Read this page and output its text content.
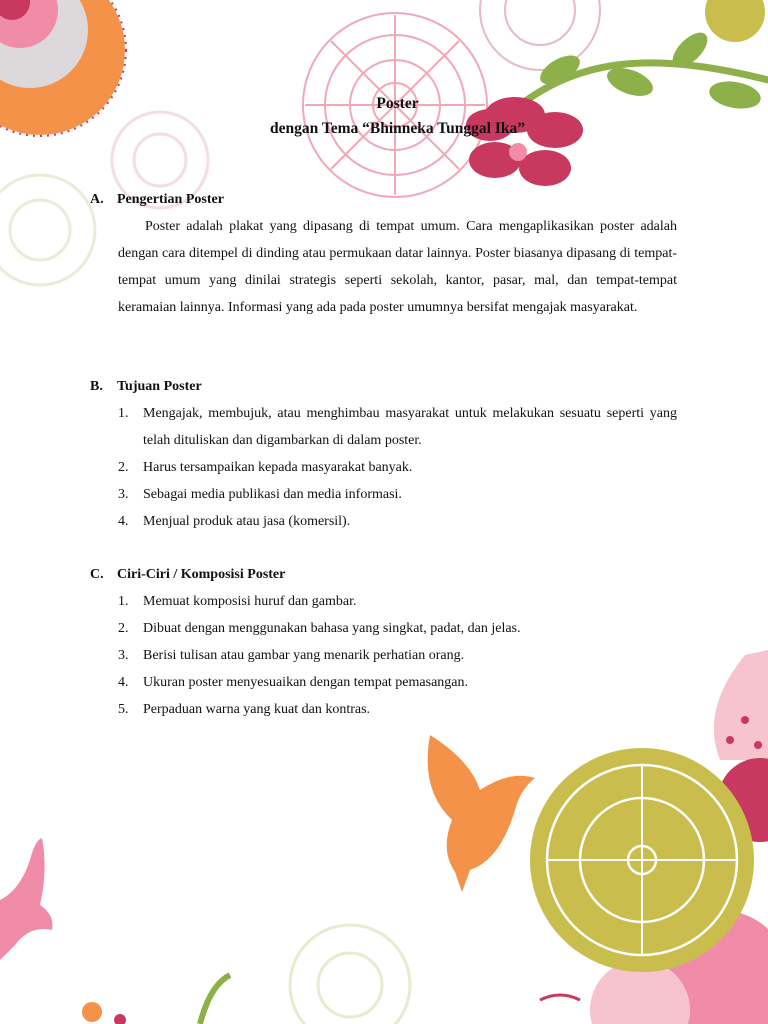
Poster
dengan Tema “Bhinneka Tunggal Ika”
A. Pengertian Poster
Poster adalah plakat yang dipasang di tempat umum. Cara mengaplikasikan poster adalah dengan cara ditempel di dinding atau permukaan datar lainnya. Poster biasanya dipasang di tempat-tempat umum yang dinilai strategis seperti sekolah, kantor, pasar, mal, dan tempat-tempat keramaian lainnya. Informasi yang ada pada poster umumnya bersifat mengajak masyarakat.
B. Tujuan Poster
1. Mengajak, membujuk, atau menghimbau masyarakat untuk melakukan sesuatu seperti yang telah dituliskan dan digambarkan di dalam poster.
2. Harus tersampaikan kepada masyarakat banyak.
3. Sebagai media publikasi dan media informasi.
4. Menjual produk atau jasa (komersil).
C. Ciri-Ciri / Komposisi Poster
1. Memuat komposisi huruf dan gambar.
2. Dibuat dengan menggunakan bahasa yang singkat, padat, dan jelas.
3. Berisi tulisan atau gambar yang menarik perhatian orang.
4. Ukuran poster menyesuaikan dengan tempat pemasangan.
5. Perpaduan warna yang kuat dan kontras.
